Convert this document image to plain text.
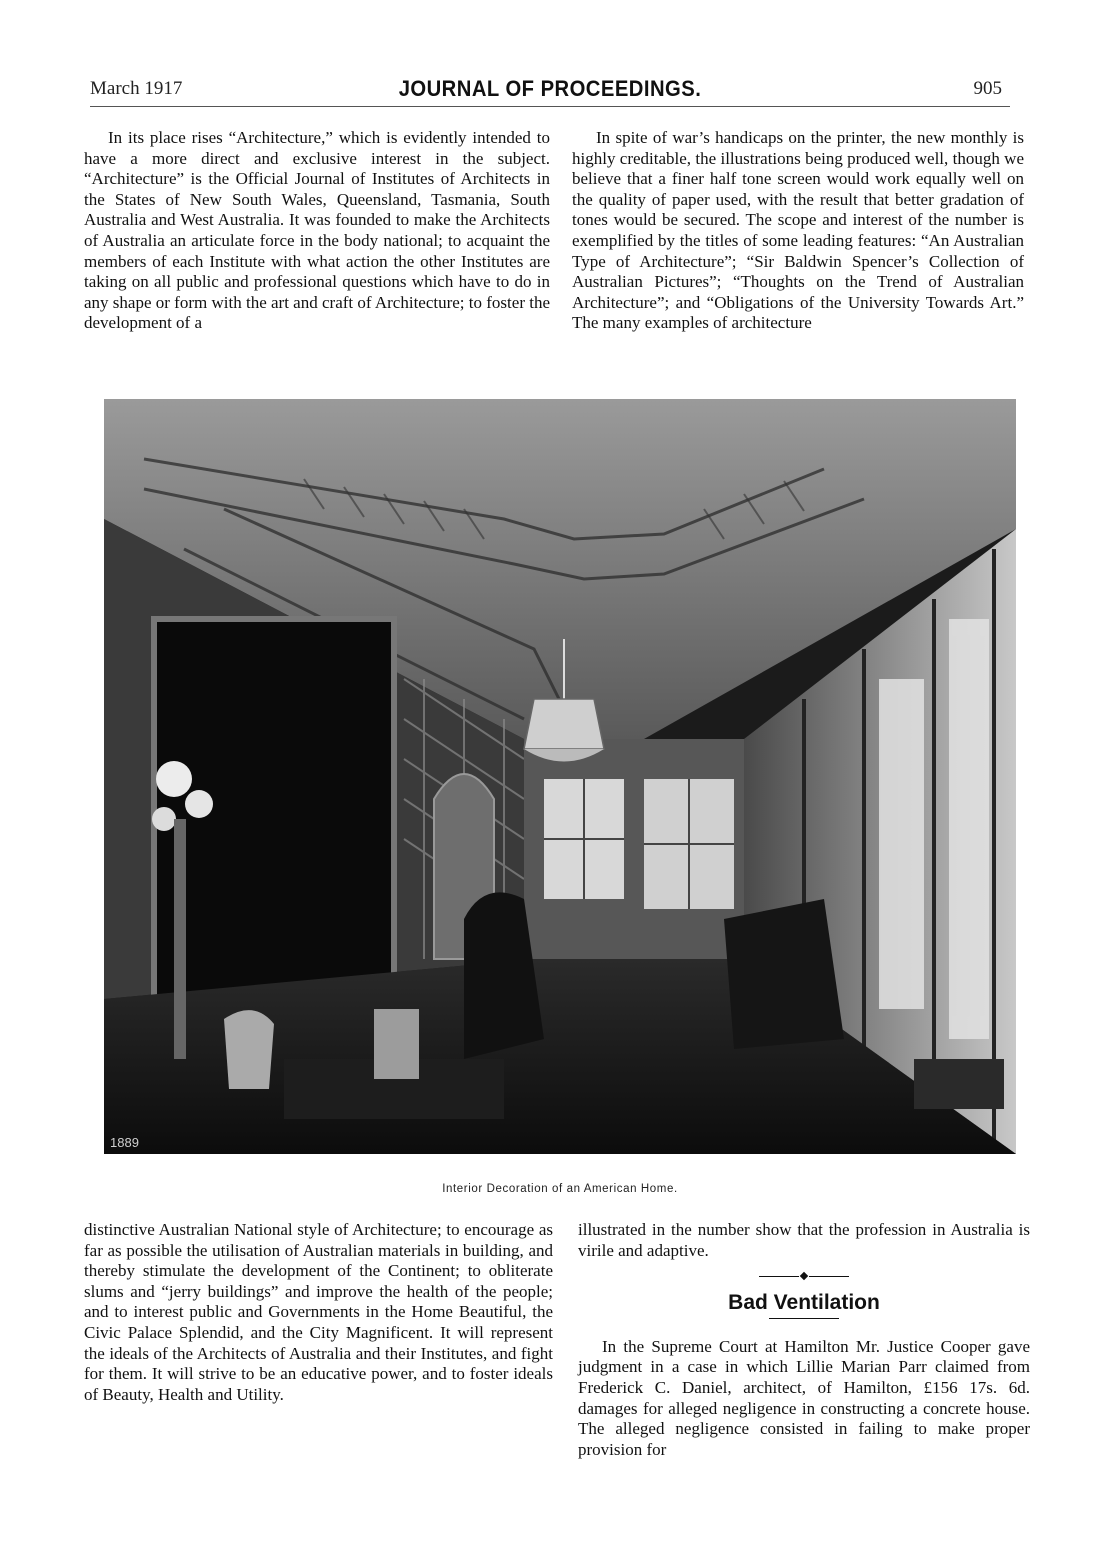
March 1917	JOURNAL OF PROCEEDINGS.	905

In its place rises “Architecture,” which is evidently intended to have a more direct and exclusive interest in the subject. “Architecture” is the Official Journal of Institutes of Architects in the States of New South Wales, Queensland, Tasmania, South Australia and West Australia. It was founded to make the Architects of Australia an articulate force in the body national; to acquaint the members of each Institute with what action the other Institutes are taking on all public and professional questions which have to do in any shape or form with the art and craft of Architecture; to foster the development of a

In spite of war’s handicaps on the printer, the new monthly is highly creditable, the illustrations being produced well, though we believe that a finer half tone screen would work equally well on the quality of paper used, with the result that better gradation of tones would be secured. The scope and interest of the number is exemplified by the titles of some leading features: “An Australian Type of Architecture”; “Sir Baldwin Spencer’s Collection of Australian Pictures”; “Thoughts on the Trend of Australian Architecture”; and “Obligations of the University Towards Art.” The many examples of architecture

1889
Interior Decoration of an American Home.

distinctive Australian National style of Architecture; to encourage as far as possible the utilisation of Australian materials in building, and thereby stimulate the development of the Continent; to obliterate slums and “jerry buildings” and improve the health of the people; and to interest public and Governments in the Home Beautiful, the Civic Palace Splendid, and the City Magnificent. It will represent the ideals of the Architects of Australia and their Institutes, and fight for them. It will strive to be an educative power, and to foster ideals of Beauty, Health and Utility.

illustrated in the number show that the profession in Australia is virile and adaptive.

Bad Ventilation

In the Supreme Court at Hamilton Mr. Justice Cooper gave judgment in a case in which Lillie Marian Parr claimed from Frederick C. Daniel, architect, of Hamilton, £156 17s. 6d. damages for alleged negligence in constructing a concrete house. The alleged negligence consisted in failing to make proper provision for
